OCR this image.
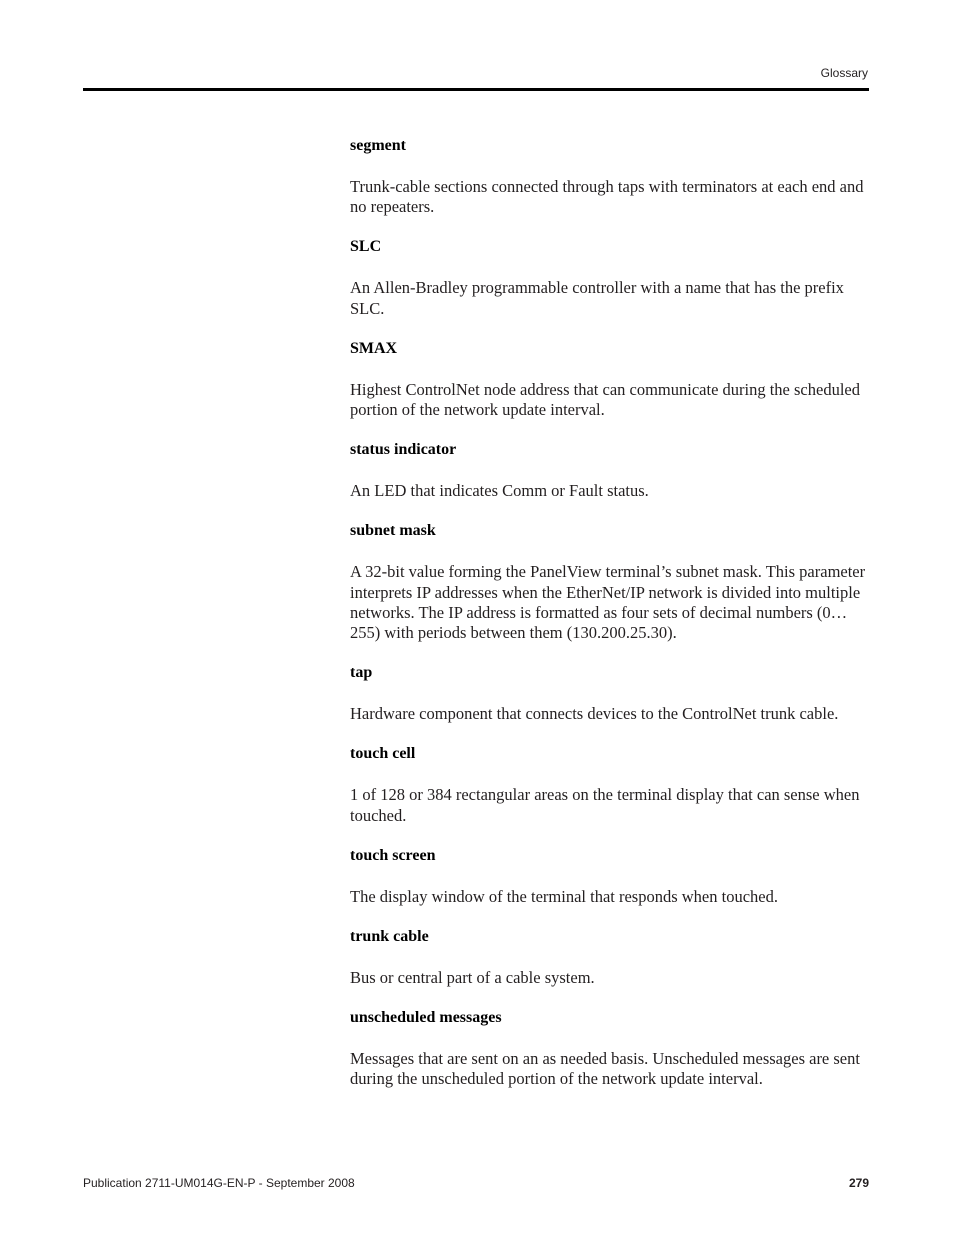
Glossary
segment
Trunk-cable sections connected through taps with terminators at each end and no repeaters.
SLC
An Allen-Bradley programmable controller with a name that has the prefix SLC.
SMAX
Highest ControlNet node address that can communicate during the scheduled portion of the network update interval.
status indicator
An LED that indicates Comm or Fault status.
subnet mask
A 32-bit value forming the PanelView terminal’s subnet mask. This parameter interprets IP addresses when the EtherNet/IP network is divided into multiple networks. The IP address is formatted as four sets of decimal numbers (0…255) with periods between them (130.200.25.30).
tap
Hardware component that connects devices to the ControlNet trunk cable.
touch cell
1 of 128 or 384 rectangular areas on the terminal display that can sense when touched.
touch screen
The display window of the terminal that responds when touched.
trunk cable
Bus or central part of a cable system.
unscheduled messages
Messages that are sent on an as needed basis. Unscheduled messages are sent during the unscheduled portion of the network update interval.
Publication 2711-UM014G-EN-P - September 2008	279
